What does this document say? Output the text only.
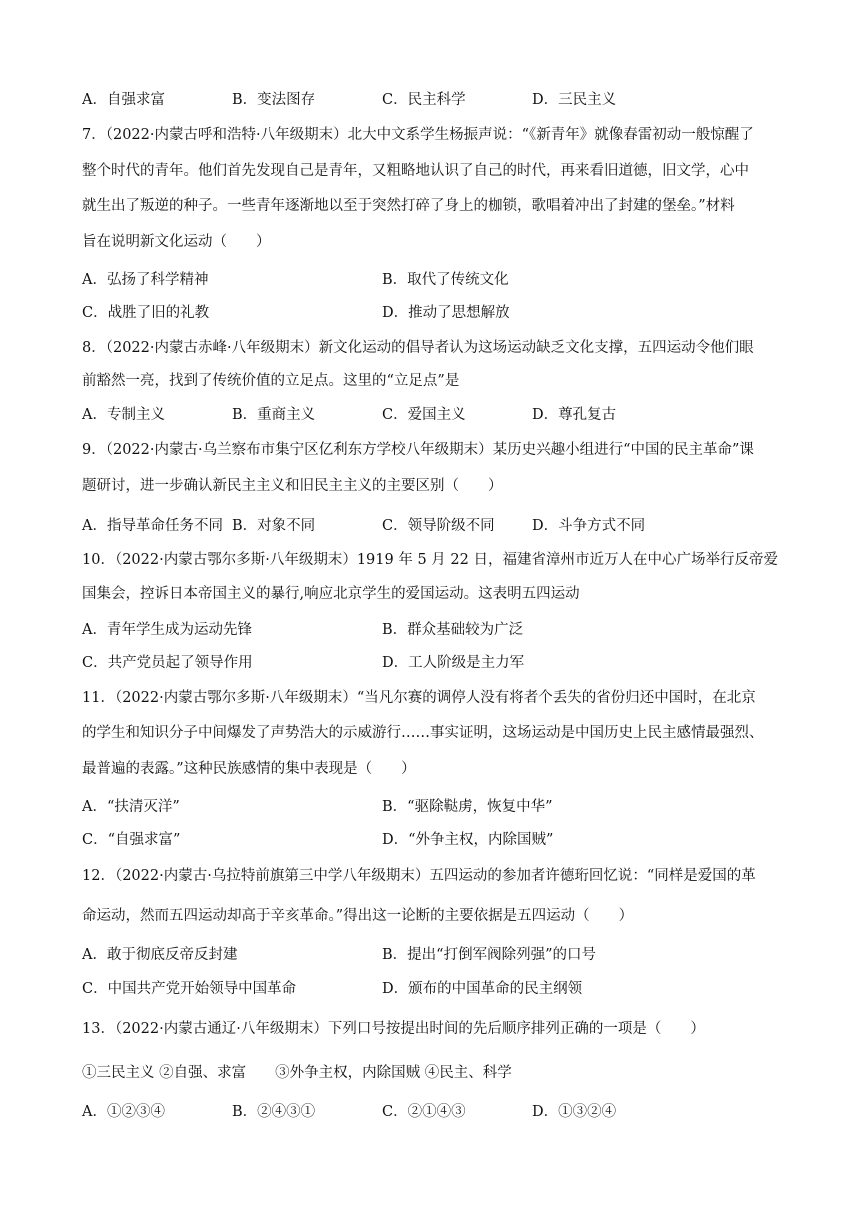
A．自强求富	B．变法图存	C．民主科学	D．三民主义
7．（2022·内蒙古呼和浩特·八年级期末）北大中文系学生杨振声说：“《新青年》就像春雷初动一般惊醒了
整个时代的青年。他们首先发现自己是青年，又粗略地认识了自己的时代，再来看旧道德，旧文学，心中
就生出了叛逆的种子。一些青年逐渐地以至于突然打碎了身上的枷锁，歌唱着冲出了封建的堡垒。”材料
旨在说明新文化运动（　　）
A．弘扬了科学精神	B．取代了传统文化
C．战胜了旧的礼教	D．推动了思想解放
8．（2022·内蒙古赤峰·八年级期末）新文化运动的倡导者认为这场运动缺乏文化支撑，五四运动令他们眼
前豁然一亮，找到了传统价值的立足点。这里的“立足点”是
A．专制主义	B．重商主义	C．爱国主义	D．尊孔复古
9．（2022·内蒙古·乌兰察布市集宁区亿利东方学校八年级期末）某历史兴趣小组进行“中国的民主革命”课
题研讨，进一步确认新民主主义和旧民主主义的主要区别（　　）
A．指导革命任务不同 B．对象不同	C．领导阶级不同	D．斗争方式不同
10．（2022·内蒙古鄂尔多斯·八年级期末）1919 年 5 月 22 日，福建省漳州市近万人在中心广场举行反帝爱
国集会，控诉日本帝国主义的暴行,响应北京学生的爱国运动。这表明五四运动
A．青年学生成为运动先锋	B．群众基础较为广泛
C．共产党员起了领导作用	D．工人阶级是主力军
11．（2022·内蒙古鄂尔多斯·八年级期末）“当凡尔赛的调停人没有将者个丢失的省份归还中国时，在北京
的学生和知识分子中间爆发了声势浩大的示威游行……事实证明，这场运动是中国历史上民主感情最强烈、
最普遍的表露。”这种民族感情的集中表现是（　　）
A．“扶清灭洋”	B．“驱除鞑虏，恢复中华”
C．“自强求富”	D．“外争主权，内除国贼”
12．（2022·内蒙古·乌拉特前旗第三中学八年级期末）五四运动的参加者许德珩回忆说：“同样是爱国的革
命运动，然而五四运动却高于辛亥革命。”得出这一论断的主要依据是五四运动（　　）
A．敢于彻底反帝反封建	B．提出“打倒军阀除列强”的口号
C．中国共产党开始领导中国革命	D．颁布的中国革命的民主纲领
13．（2022·内蒙古通辽·八年级期末）下列口号按提出时间的先后顺序排列正确的一项是（　　）
①三民主义 ②自强、求富　　③外争主权，内除国贼 ④民主、科学
A．①②③④	B．②④③①	C．②①④③	D．①③②④
